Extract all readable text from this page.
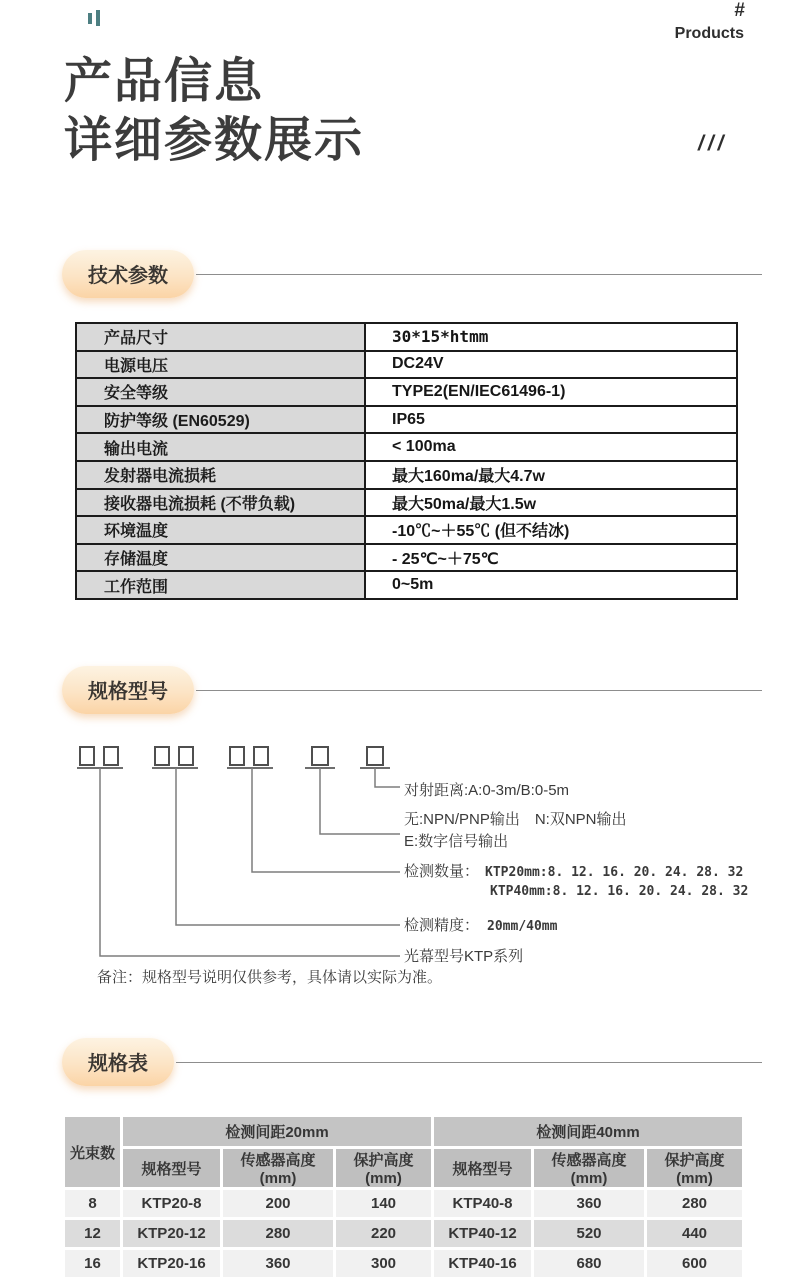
#
Products
产品信息
详细参数展示	///
技术参数
产品尺寸	30*15*htmm
电源电压	DC24V
安全等级	TYPE2(EN/IEC61496-1)
防护等级 (EN60529)	IP65
输出电流	< 100ma
发射器电流损耗	最大160ma/最大4.7w
接收器电流损耗 (不带负载)	最大50ma/最大1.5w
环境温度	-10℃~＋55℃ (但不结冰)
存储温度	- 25℃~＋75℃
工作范围	0~5m
规格型号
对射距离:A:0-3m/B:0-5m
无:NPN/PNP输出　N:双NPN输出
E:数字信号输出
检测数量： KTP20mm:8. 12. 16. 20. 24. 28. 32
KTP40mm:8. 12. 16. 20. 24. 28. 32
检测精度： 20mm/40mm
光幕型号KTP系列
备注：规格型号说明仅供参考，具体请以实际为准。
规格表
光束数	检测间距20mm			检测间距40mm		
	规格型号	传感器高度 (mm)	保护高度 (mm)	规格型号	传感器高度 (mm)	保护高度 (mm)
8	KTP20-8	200	140	KTP40-8	360	280
12	KTP20-12	280	220	KTP40-12	520	440
16	KTP20-16	360	300	KTP40-16	680	600
